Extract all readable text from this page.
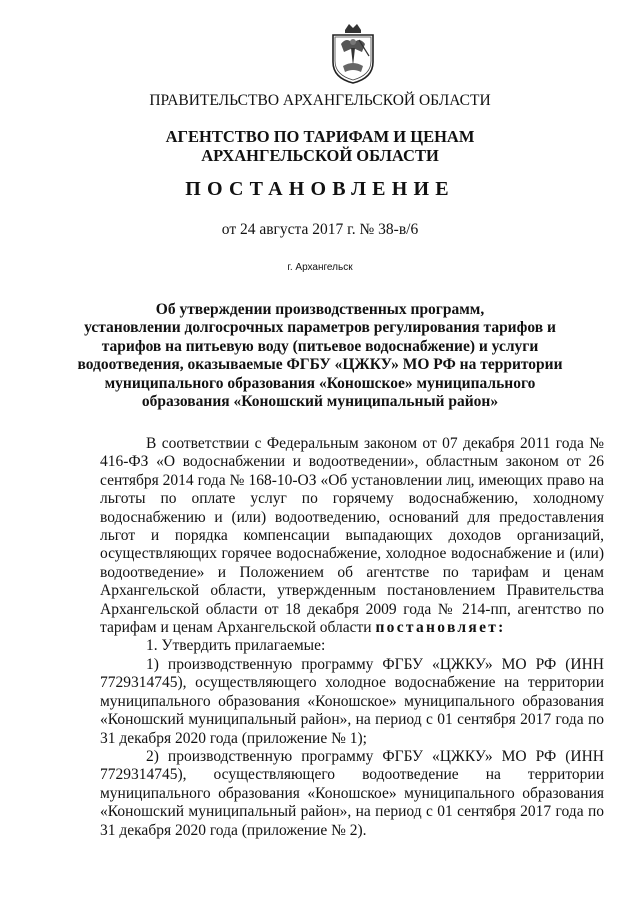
ПРАВИТЕЛЬСТВО АРХАНГЕЛЬСКОЙ ОБЛАСТИ
АГЕНТСТВО ПО ТАРИФАМ И ЦЕНАМ
АРХАНГЕЛЬСКОЙ ОБЛАСТИ
ПОСТАНОВЛЕНИЕ
от 24 августа 2017 г. № 38-в/6
г. Архангельск
Об утверждении производственных программ,
установлении долгосрочных параметров регулирования тарифов и
тарифов на питьевую воду (питьевое водоснабжение) и услуги
водоотведения, оказываемые ФГБУ «ЦЖКУ» МО РФ на территории
муниципального образования «Коношское» муниципального
образования «Коношский муниципальный район»

В соответствии с Федеральным законом от 07 декабря 2011 года № 416-ФЗ «О водоснабжении и водоотведении», областным законом от 26 сентября 2014 года № 168-10-ОЗ «Об установлении лиц, имеющих право на льготы по оплате услуг по горячему водоснабжению, холодному водоснабжению и (или) водоотведению, оснований для предоставления льгот и порядка компенсации выпадающих доходов организаций, осуществляющих горячее водоснабжение, холодное водоснабжение и (или) водоотведение» и Положением об агентстве по тарифам и ценам Архангельской области, утвержденным постановлением Правительства Архангельской области от 18 декабря 2009 года № 214-пп, агентство по тарифам и ценам Архангельской области постановляет:

1. Утвердить прилагаемые:

1) производственную программу ФГБУ «ЦЖКУ» МО РФ (ИНН 7729314745), осуществляющего холодное водоснабжение на территории муниципального образования «Коношское» муниципального образования «Коношский муниципальный район», на период с 01 сентября 2017 года по 31 декабря 2020 года (приложение № 1);

2) производственную программу ФГБУ «ЦЖКУ» МО РФ (ИНН 7729314745), осуществляющего водоотведение на территории муниципального образования «Коношское» муниципального образования «Коношский муниципальный район», на период с 01 сентября 2017 года по 31 декабря 2020 года (приложение № 2).
